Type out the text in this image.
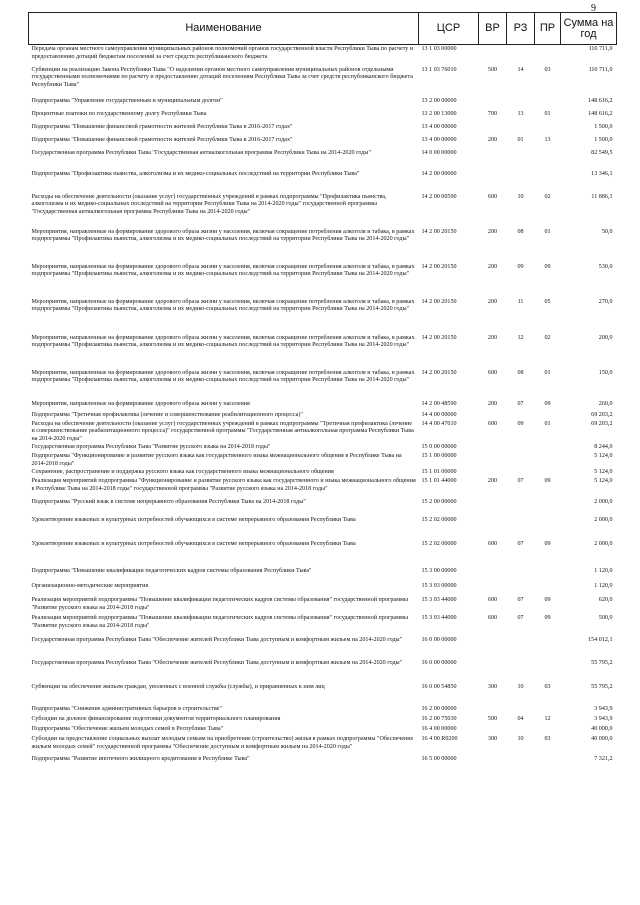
9
Наименование	ЦСР	ВР	РЗ	ПР	Сумма на год
Передача органам местного самоуправления муниципальных районов полномочий органов государственной власти Республики Тыва по расчету и предоставлению дотаций бюджетам поселений за счет средств республиканского бюджета	13 1 03 00000				110 711,0
Субвенции на реализацию Закона Республики Тыва "О наделении органов местного самоуправления муниципальных районов отдельными государственными полномочиями по расчету и предоставлению дотаций поселениям Республики Тыва за счет средств республиканского бюджета Республики Тыва"	13 1 03 76010	500	14	03	110 711,0
Подпрограмма "Управление государственным и муниципальным долгом"	13 2 00 00000				148 616,2
Процентные платежи по государственному долгу Республики Тыва	13 2 00 13000	700	13	01	148 616,2
Подпрограмма "Повышение финансовой грамотности жителей Республики Тыва в 2016-2017 годах"	13 4 00 00000				1 500,0
Подпрограмма "Повышение финансовой грамотности жителей Республики Тыва в 2016-2017 годах"	13 4 00 00000	200	01	13	1 500,0
Государственная программа Республики Тыва "Государственная антиалкогольная программа Республики Тыва на 2014-2020 годы"	14 0 00 00000				82 549,5
Подпрограмма "Профилактика пьянства, алкоголизма и их медико-социальных последствий на территории Республики Тыва"	14 2 00 00000				13 346,1
Расходы на обеспечение деятельности (оказание услуг) государственных учреждений в рамках подпрограммы "Профилактика пьянства, алкоголизма и их медико-социальных последствий на территории Республики Тыва на 2014-2020 годы" государственной программы "Государственная антиалкогольная программа Республики Тыва на 2014-2020 годы"	14 2 00 00590	600	10	02	11 886,1
Мероприятия, направленные на формирование здорового образа жизни у населения, включая сокращение потребления алкоголя и табака, в рамках подпрограммы "Профилактика пьянства, алкоголизма и их медико-социальных последствий на территории Республики Тыва на 2014-2020 годы"	14 2 00 20150	200	08	01	50,0
Мероприятия, направленные на формирование здорового образа жизни у населения, включая сокращение потребления алкоголя и табака, в рамках подпрограммы "Профилактика пьянства, алкоголизма и их медико-социальных последствий на территории Республики Тыва на 2014-2020 годы"	14 2 00 20150	200	09	09	530,0
Мероприятия, направленные на формирование здорового образа жизни у населения, включая сокращение потребления алкоголя и табака, в рамках подпрограммы "Профилактика пьянства, алкоголизма и их медико-социальных последствий на территории Республики Тыва на 2014-2020 годы"	14 2 00 20150	200	11	05	270,0
Мероприятия, направленные на формирование здорового образа жизни у населения, включая сокращение потребления алкоголя и табака, в рамках подпрограммы "Профилактика пьянства, алкоголизма и их медико-социальных последствий на территории Республики Тыва на 2014-2020 годы"	14 2 00 20150	200	12	02	200,0
Мероприятия, направленные на формирование здорового образа жизни у населения, включая сокращение потребления алкоголя и табака, в рамках подпрограммы "Профилактика пьянства, алкоголизма и их медико-социальных последствий на территории Республики Тыва на 2014-2020 годы"	14 2 00 20150	600	08	01	150,0
Мероприятия, направленные на формирование здорового образа жизни у населения	14 2 00 48590	200	07	09	260,0
Подпрограмма "Третичная профилактика (лечение и совершенствование реабилитационного процесса)"	14 4 00 00000				69 203,2
Расходы на обеспечение деятельности (оказание услуг) государственных учреждений в рамках подпрограммы "Третичная профилактика (лечение и совершенствование реабилитационного процесса)" государственной программы "Государственная антиалкогольная программа Республики Тыва на 2014-2020 годы"	14 4 00 47010	600	09	01	69 203,2
Государственная программа Республики Тыва "Развитие русского языка на 2014-2018 годы"	15 0 00 00000				8 244,0
Подпрограмма "Функционирование и развитие русского языка как государственного языка межнационального общения в Республике Тыва на 2014-2018 годы"	15 1 00 00000				5 124,0
Сохранение, распространение и поддержка русского языка как государственного языка межнационального общения	15 1 01 00000				5 124,0
Реализация мероприятий подпрограммы "Функционирование и развитие русского языка как государственного и языка межнационального общения в Республике Тыва на 2014-2018 годы" государственной программы "Развитие русского языка на 2014-2018 годы"	15 1 01 44000	200	07	09	5 124,0
Подпрограмма "Русский язык в системе непрерывного образования Республики Тыва на 2014-2018 годы"	15 2 00 00000				2 000,0
Удовлетворение языковых и культурных потребностей обучающихся в системе непрерывного образования Республики Тыва	15 2 02 00000				2 000,0
Удовлетворение языковых и культурных потребностей обучающихся в системе непрерывного образования Республики Тыва	15 2 02 00000	600	07	09	2 000,0
Подпрограмма "Повышение квалификации педагогических кадров системы образования Республики Тыва"	15 3 00 00000				1 120,0
Организационно-методические мероприятия	15 3 03 00000				1 120,0
Реализация мероприятий подпрограммы "Повышение квалификации педагогических кадров системы образования" государственной программы "Развитие русского языка на 2014-2018 годы"	15 3 03 44000	600	07	09	620,0
Реализация мероприятий подпрограммы "Повышение квалификации педагогических кадров системы образования" государственной программы "Развитие русского языка на 2014-2018 годы"	15 3 03 44000	600	07	09	500,0
Государственная программа Республики Тыва "Обеспечение жителей Республики Тыва доступным и комфортным жильем на 2014-2020 годы"	16 0 00 00000				154 012,1
Государственная программа Республики Тыва "Обеспечение жителей Республики Тыва доступным и комфортным жильем на 2014-2020 годы"	16 0 00 00000				55 795,2
Субвенции на обеспечение жильем граждан, уволенных с военной службы (службы), и приравненных к ним лиц	16 0 00 54850	300	10	03	55 795,2
Подпрограмма "Снижение административных барьеров в строительстве"	16 2 00 00000				3 943,9
Субсидии на долевое финансирование подготовки документов территориального планирования	16 2 00 75030	500	04	12	3 943,9
Подпрограмма "Обеспечение жильем молодых семей в Республике Тыва"	16 4 00 00000				40 000,0
Субсидии на предоставление социальных выплат молодым семьям на приобретение (строительство) жилья в рамках подпрограммы "Обеспечение жильем молодых семей" государственной программы "Обеспечение доступным и комфортным жильем на 2014-2020 годы"	16 4 00 R0200	300	10	03	40 000,0
Подпрограмма "Развитие ипотечного жилищного кредитования в Республике Тыва"	16 5 00 00000				7 321,2
